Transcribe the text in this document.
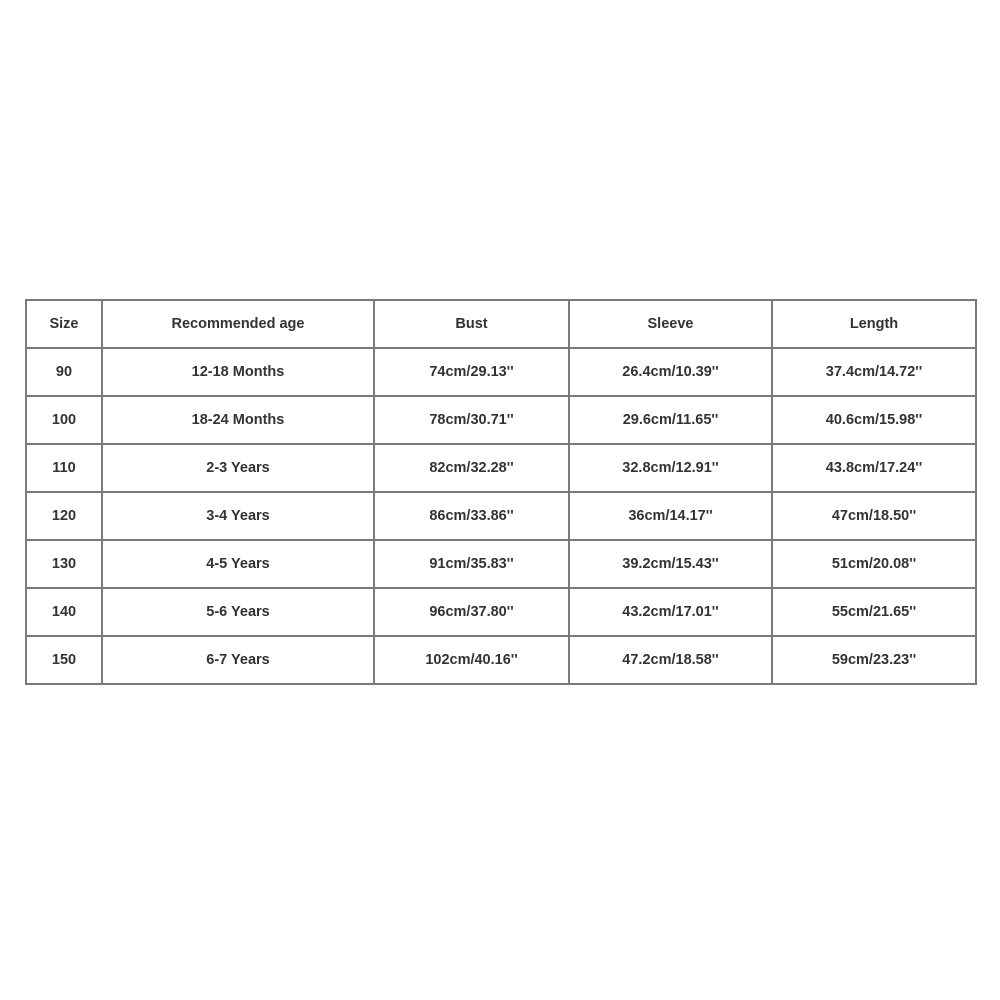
Size	Recommended age	Bust	Sleeve	Length
90	12-18 Months	74cm/29.13''	26.4cm/10.39''	37.4cm/14.72''
100	18-24 Months	78cm/30.71''	29.6cm/11.65''	40.6cm/15.98''
110	2-3 Years	82cm/32.28''	32.8cm/12.91''	43.8cm/17.24''
120	3-4 Years	86cm/33.86''	36cm/14.17''	47cm/18.50''
130	4-5 Years	91cm/35.83''	39.2cm/15.43''	51cm/20.08''
140	5-6 Years	96cm/37.80''	43.2cm/17.01''	55cm/21.65''
150	6-7 Years	102cm/40.16''	47.2cm/18.58''	59cm/23.23''
